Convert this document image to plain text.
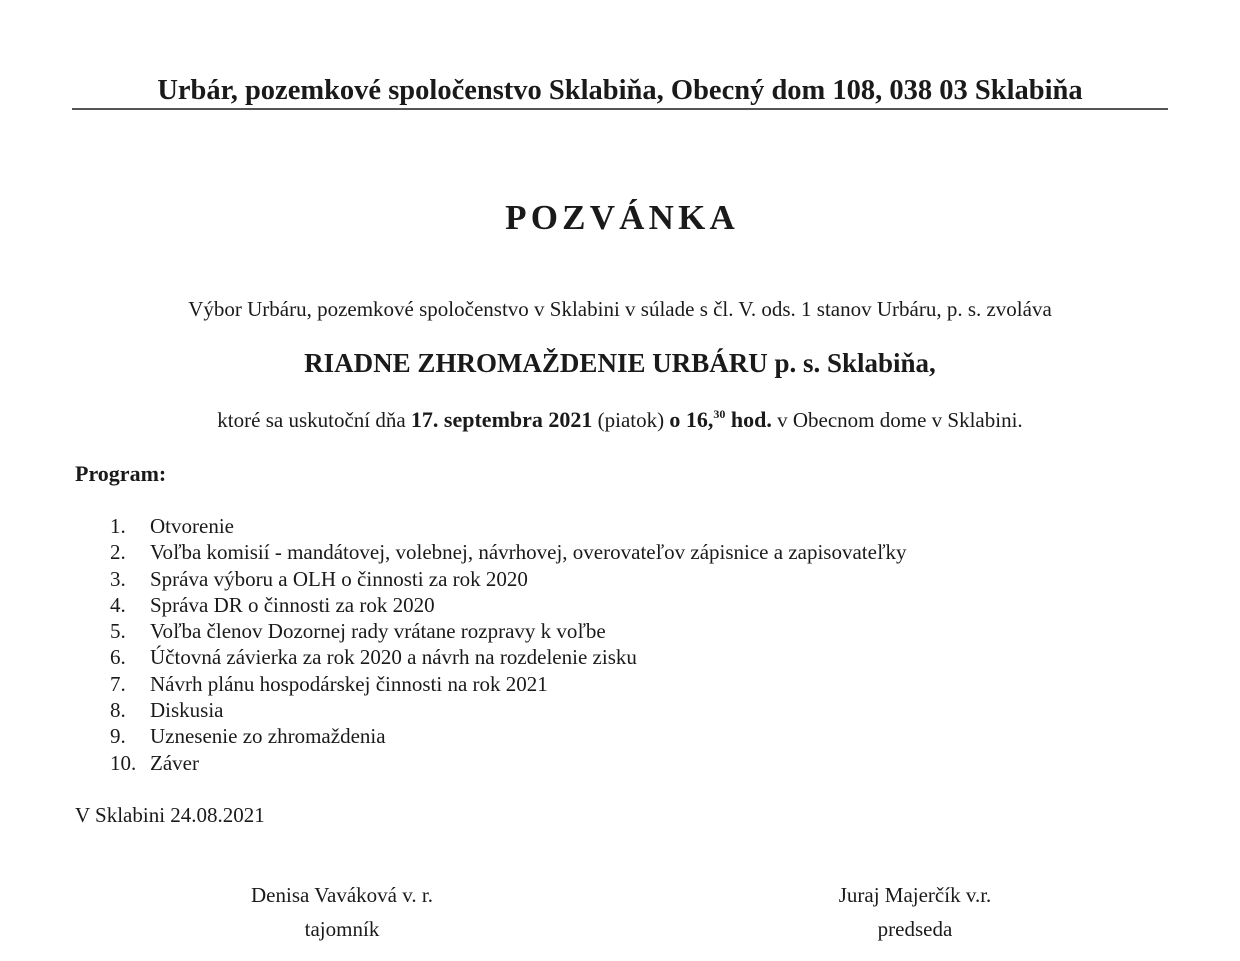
Urbár, pozemkové spoločenstvo Sklabiňa, Obecný dom 108, 038 03 Sklabiňa
POZVÁNKA
Výbor Urbáru, pozemkové spoločenstvo v Sklabini v súlade s čl. V. ods. 1 stanov Urbáru, p. s. zvoláva
RIADNE ZHROMAŽDENIE URBÁRU p. s. Sklabiňa,
ktoré sa uskutoční dňa 17. septembra 2021 (piatok) o 16,30 hod. v Obecnom dome v Sklabini.
Program:
1.	Otvorenie
2.	Voľba komisií - mandátovej, volebnej, návrhovej, overovateľov zápisnice a zapisovateľky
3.	Správa výboru a OLH o činnosti za rok 2020
4.	Správa DR o činnosti za rok 2020
5.	Voľba členov Dozornej rady vrátane rozpravy k voľbe
6.	Účtovná závierka za rok 2020 a návrh na rozdelenie zisku
7.	Návrh plánu hospodárskej činnosti na rok 2021
8.	Diskusia
9.	Uznesenie zo zhromaždenia
10. Záver
V Sklabini 24.08.2021
Denisa Vaváková v. r.
tajomník
Juraj Majerčík v.r.
predseda
